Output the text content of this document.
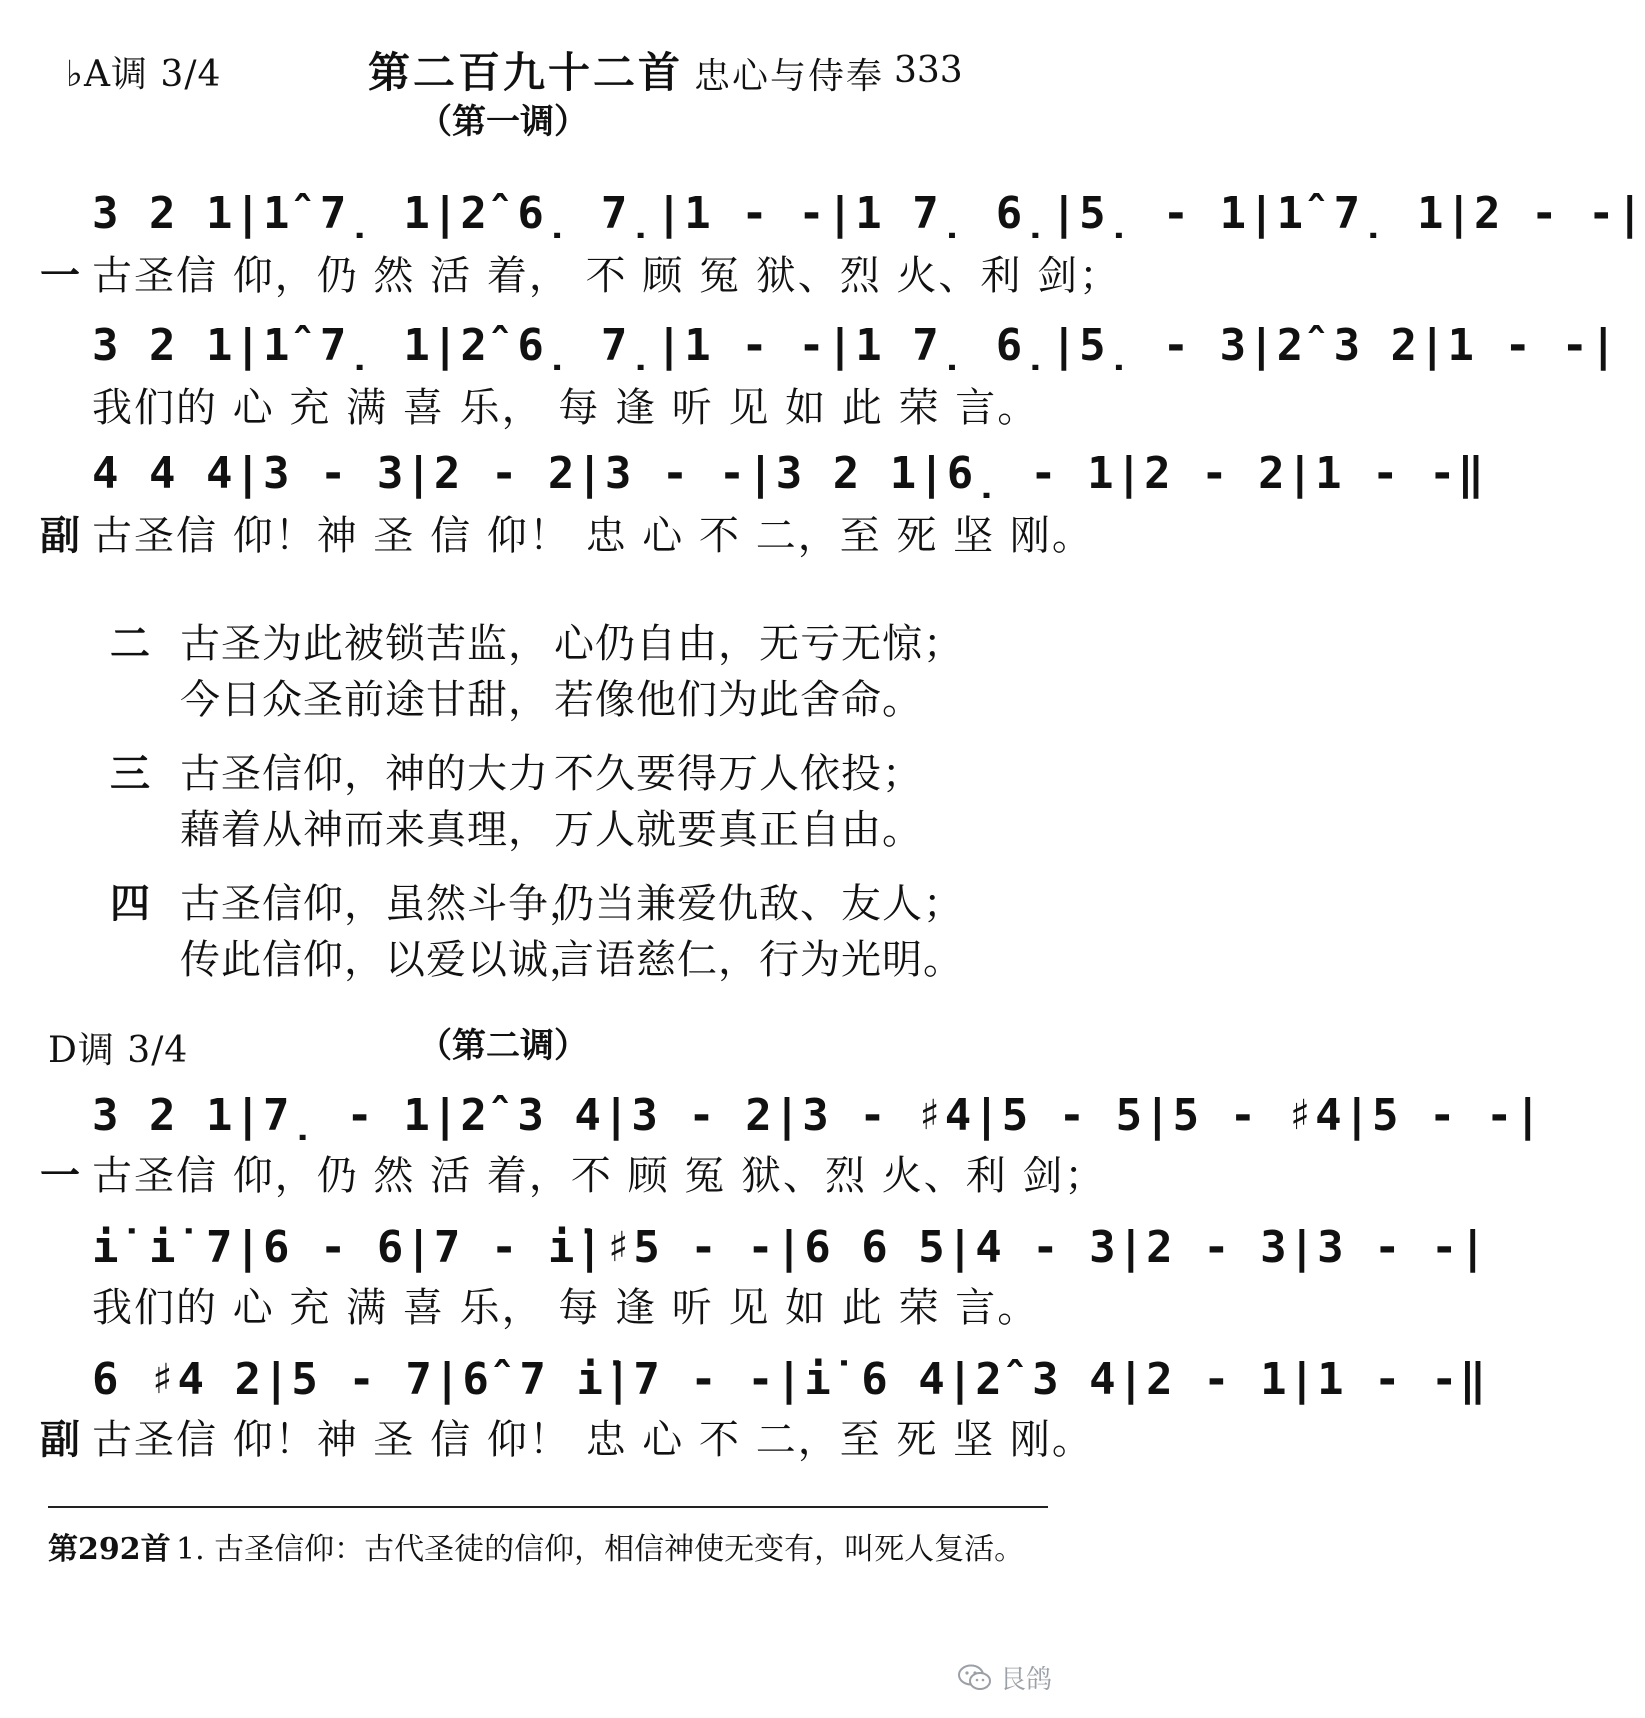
♭A调 3/4	第二百九十二首 忠心与侍奉 333
（第一调）
3 2 1|1̂ 7̣ 1|2̂ 6̣ 7̣|1 - -|1 7̣ 6̣|5̣ - 1|1̂ 7̣ 1|2 - -|
一 古圣信 仰，仍 然 活 着， 不 顾 冤 狱、烈 火、利 剑；
3 2 1|1̂ 7̣ 1|2̂ 6̣ 7̣|1 - -|1 7̣ 6̣|5̣ - 3|2̂ 3 2|1 - -|
我们的 心 充 满 喜 乐， 每 逢 听 见 如 此 荣 言。
4 4 4|3 - 3|2 - 2|3 - -|3 2 1|6̣ - 1|2 - 2|1 - -‖
副 古圣信 仰！神 圣 信 仰！ 忠 心 不 二，至 死 坚 刚。
二 古圣为此被锁苦监， 心仍自由，无亏无惊；
今日众圣前途甘甜， 若像他们为此舍命。
三 古圣信仰，神的大力 不久要得万人依投；
藉着从神而来真理， 万人就要真正自由。
四 古圣信仰，虽然斗争，
仍当兼爱仇敌、友人；
传此信仰，以爱以诚，
言语慈仁，行为光明。
D调 3/4	（第二调）
3 2 1|7̣ - 1|2̂ 3 4|3 - 2|3 - ♯4|5 - 5|5 - ♯4|5 - -|
一 古圣信 仰，仍 然 活 着，不 顾 冤 狱、烈 火、利 剑；
i̇ i̇ 7|6 - 6|7 - i̇|♯5 - -|6 6 5|4 - 3|2 - 3|3 - -|
我们的 心 充 满 喜 乐， 每 逢 听 见 如 此 荣 言。
6 ♯4 2|5 - 7|6̂ 7 i̇|7 - -|i̇ 6 4|2̂ 3 4|2 - 1|1 - -‖
副 古圣信 仰！神 圣 信 仰！ 忠 心 不 二，至 死 坚 刚。
第292首 1. 古圣信仰：古代圣徒的信仰，相信神使无变有，叫死人复活。
艮鸽
